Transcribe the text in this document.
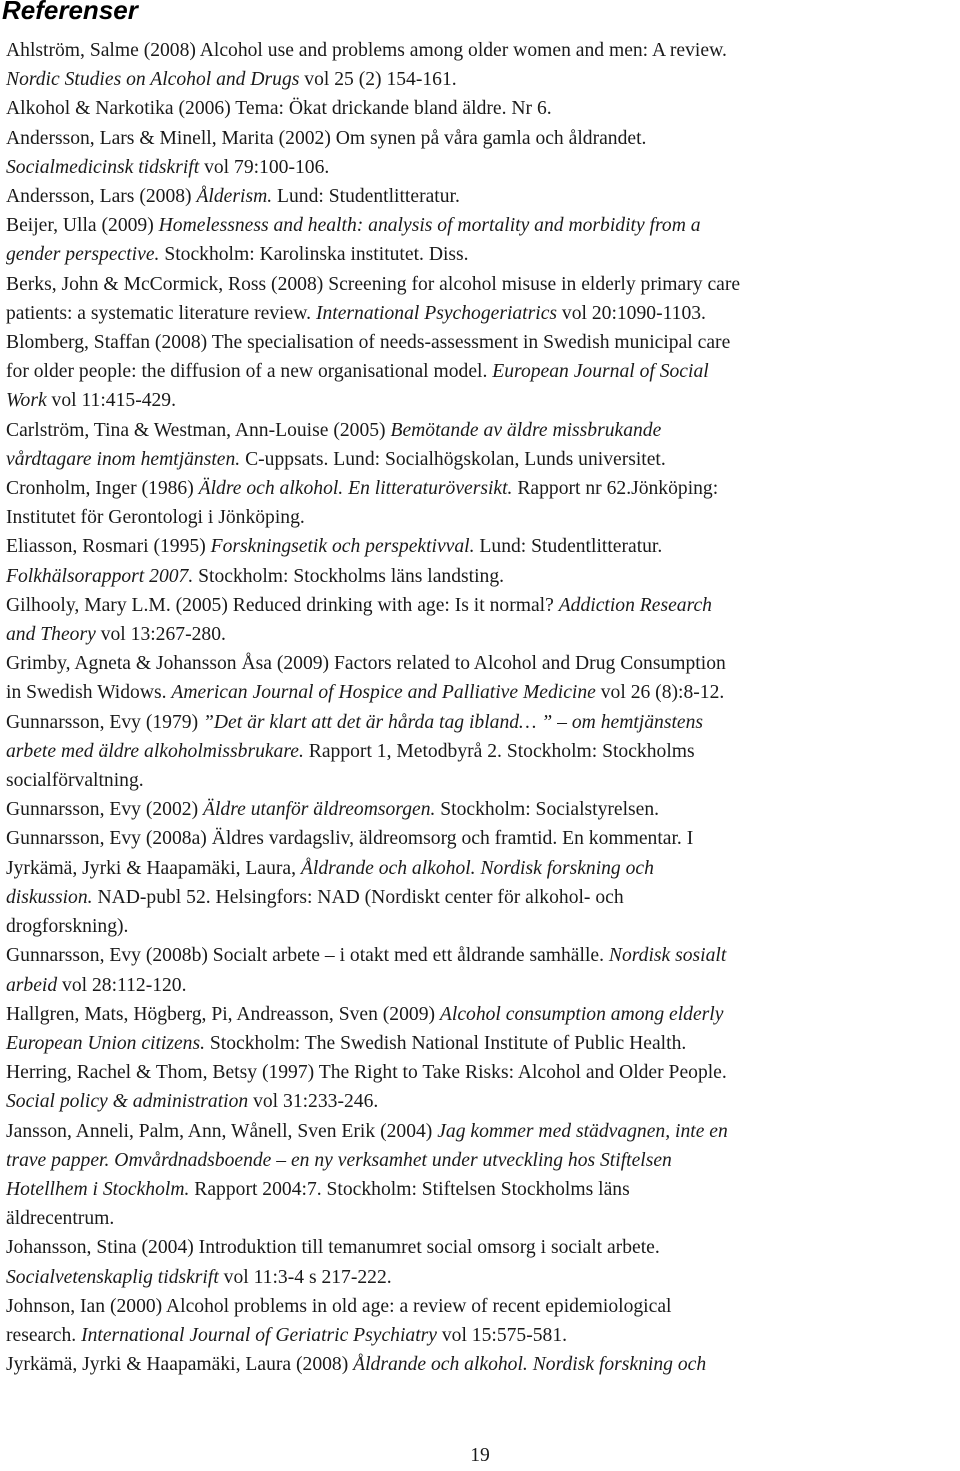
Referenser
Ahlström, Salme (2008) Alcohol use and problems among older women and men: A review.
Nordic Studies on Alcohol and Drugs vol 25 (2) 154-161.
Alkohol & Narkotika (2006) Tema: Ökat drickande bland äldre. Nr 6.
Andersson, Lars & Minell, Marita (2002) Om synen på våra gamla och åldrandet.
Socialmedicinsk tidskrift vol 79:100-106.
Andersson, Lars (2008) Ålderism. Lund: Studentlitteratur.
Beijer, Ulla (2009) Homelessness and health: analysis of mortality and morbidity from a
gender perspective. Stockholm: Karolinska institutet. Diss.
Berks, John & McCormick, Ross (2008) Screening for alcohol misuse in elderly primary care
patients: a systematic literature review. International Psychogeriatrics vol 20:1090-1103.
Blomberg, Staffan (2008) The specialisation of needs-assessment in Swedish municipal care
for older people: the diffusion of a new organisational model. European Journal of Social
Work vol 11:415-429.
Carlström, Tina & Westman, Ann-Louise (2005) Bemötande av äldre missbrukande
vårdtagare inom hemtjänsten. C-uppsats. Lund: Socialhögskolan, Lunds universitet.
Cronholm, Inger (1986) Äldre och alkohol. En litteraturöversikt. Rapport nr 62.Jönköping:
Institutet för Gerontologi i Jönköping.
Eliasson, Rosmari (1995) Forskningsetik och perspektivval. Lund: Studentlitteratur.
Folkhälsorapport 2007. Stockholm: Stockholms läns landsting.
Gilhooly, Mary L.M. (2005) Reduced drinking with age: Is it normal? Addiction Research
and Theory vol 13:267-280.
Grimby, Agneta & Johansson Åsa (2009) Factors related to Alcohol and Drug Consumption
in Swedish Widows. American Journal of Hospice and Palliative Medicine vol 26 (8):8-12.
Gunnarsson, Evy (1979) ”Det är klart att det är hårda tag ibland… ” – om hemtjänstens
arbete med äldre alkoholmissbrukare. Rapport 1, Metodbyrå 2. Stockholm: Stockholms
socialförvaltning.
Gunnarsson, Evy (2002) Äldre utanför äldreomsorgen. Stockholm: Socialstyrelsen.
Gunnarsson, Evy (2008a) Äldres vardagsliv, äldreomsorg och framtid. En kommentar. I
Jyrkämä, Jyrki & Haapamäki, Laura, Åldrande och alkohol. Nordisk forskning och
diskussion. NAD-publ 52. Helsingfors: NAD (Nordiskt center för alkohol- och
drogforskning).
Gunnarsson, Evy (2008b) Socialt arbete – i otakt med ett åldrande samhälle. Nordisk sosialt
arbeid vol 28:112-120.
Hallgren, Mats, Högberg, Pi, Andreasson, Sven (2009) Alcohol consumption among elderly
European Union citizens. Stockholm: The Swedish National Institute of Public Health.
Herring, Rachel & Thom, Betsy (1997) The Right to Take Risks: Alcohol and Older People.
Social policy & administration vol 31:233-246.
Jansson, Anneli, Palm, Ann, Wånell, Sven Erik (2004) Jag kommer med städvagnen, inte en
trave papper. Omvårdnadsboende – en ny verksamhet under utveckling hos Stiftelsen
Hotellhem i Stockholm. Rapport 2004:7. Stockholm: Stiftelsen Stockholms läns
äldrecentrum.
Johansson, Stina (2004) Introduktion till temanumret social omsorg i socialt arbete.
Socialvetenskaplig tidskrift vol 11:3-4 s 217-222.
Johnson, Ian (2000) Alcohol problems in old age: a review of recent epidemiological
research. International Journal of Geriatric Psychiatry vol 15:575-581.
Jyrkämä, Jyrki & Haapamäki, Laura (2008) Åldrande och alkohol. Nordisk forskning och
19
